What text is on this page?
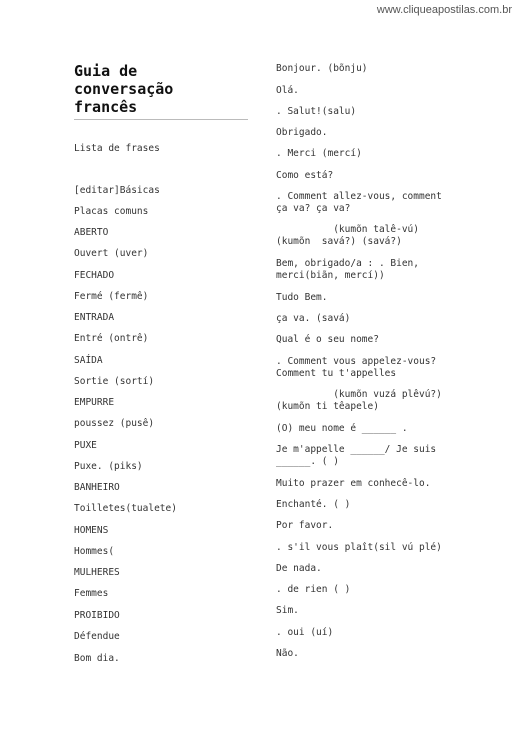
www.cliqueapostilas.com.br
Guia de
conversação
francês
Lista de frases
[editar]Básicas
Placas comuns
ABERTO
Ouvert (uver)
FECHADO
Fermé (fermê)
ENTRADA
Entré (ontrê)
SAÍDA
Sortie (sortí)
EMPURRE
poussez (pusê)
PUXE
Puxe. (piks)
BANHEIRO
Toilletes(tualete)
HOMENS
Hommes(
MULHERES
Femmes
PROIBIDO
Défendue
Bom dia.
Bonjour. (bõnju)
Olá.
. Salut!(salu)
Obrigado.
. Merci (mercí)
Como está?
. Comment allez-vous, comment
ça va? ça va?
(kumõn talê-vú)
(kumõn  savá?) (savá?)
Bem, obrigado/a : . Bien,
merci(biãn, mercí))
Tudo Bem.
ça va. (savá)
Qual é o seu nome?
. Comment vous appelez-vous?
Comment tu t'appelles
(kumõn vuzá plêvú?)
(kumõn ti têapele)
(O) meu nome é ______ .
Je m'appelle ______/ Je suis
______. ( )
Muito prazer em conhecê-lo.
Enchanté. ( )
Por favor.
. s'il vous plaît(sil vú plé)
De nada.
. de rien ( )
Sim.
. oui (uí)
Não.
